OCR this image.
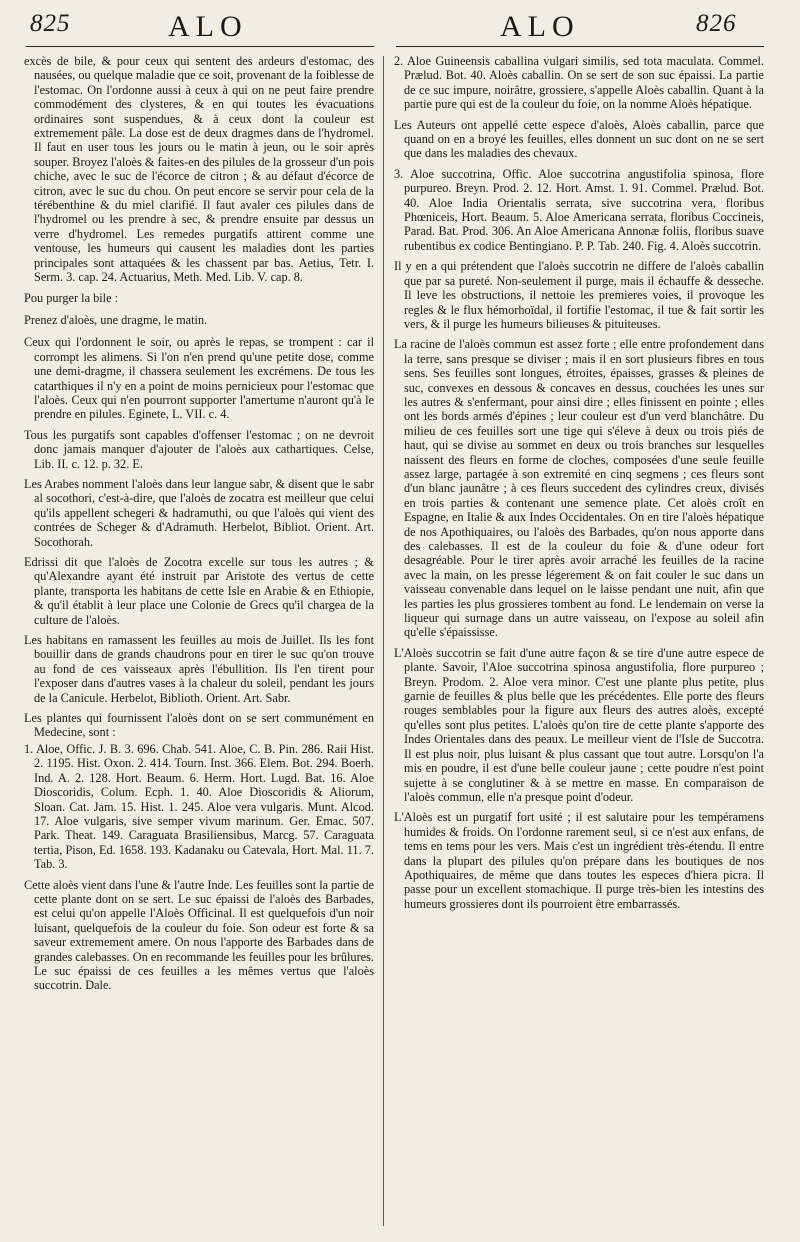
825	ALO	ALO	826

excès de bile, & pour ceux qui sentent des ardeurs d'estomac, des nausées, ou quelque maladie que ce soit, provenant de la foiblesse de l'estomac. On l'ordonne aussi à ceux à qui on ne peut faire prendre commodément des clysteres, & en qui toutes les évacuations ordinaires sont suspendues, & à ceux dont la couleur est extremement pâle. La dose est de deux dragmes dans de l'hydromel. Il faut en user tous les jours ou le matin à jeun, ou le soir après souper. Broyez l'aloès & faites-en des pilules de la grosseur d'un pois chiche, avec le suc de l'écorce de citron ; & au défaut d'écorce de citron, avec le suc du chou. On peut encore se servir pour cela de la térébenthine & du miel clarifié. Il faut avaler ces pilules dans de l'hydromel ou les prendre à sec, & prendre ensuite par dessus un verre d'hydromel. Les remedes purgatifs attirent comme une ventouse, les humeurs qui causent les maladies dont les parties principales sont attaquées & les chassent par bas. Aetius, Tetr. I. Serm. 3. cap. 24. Actuarius, Meth. Med. Lib. V. cap. 8.

Pou purger la bile :

Prenez d'aloès, une dragme, le matin.

Ceux qui l'ordonnent le soir, ou après le repas, se trompent : car il corrompt les alimens. Si l'on n'en prend qu'une petite dose, comme une demi-dragme, il chassera seulement les excrémens. De tous les catarthiques il n'y en a point de moins pernicieux pour l'estomac que l'aloès. Ceux qui n'en pourront supporter l'amertume n'auront qu'à le prendre en pilules. Eginete, L. VII. c. 4.

Tous les purgatifs sont capables d'offenser l'estomac ; on ne devroit donc jamais manquer d'ajouter de l'aloès aux cathartiques. Celse, Lib. II. c. 12. p. 32. E.

Les Arabes nomment l'aloès dans leur langue sabr, & disent que le sabr al socothori, c'est-à-dire, que l'aloès de zocatra est meilleur que celui qu'ils appellent schegeri & hadramuthi, ou que l'aloès qui vient des contrées de Scheger & d'Adramuth. Herbelot, Bibliot. Orient. Art. Socothorah.

Edrissi dit que l'aloès de Zocotra excelle sur tous les autres ; & qu'Alexandre ayant été instruit par Aristote des vertus de cette plante, transporta les habitans de cette Isle en Arabie & en Ethiopie, & qu'il établit à leur place une Colonie de Grecs qu'il chargea de la culture de l'aloès.

Les habitans en ramassent les feuilles au mois de Juillet. Ils les font bouillir dans de grands chaudrons pour en tirer le suc qu'on trouve au fond de ces vaisseaux après l'ébullition. Ils l'en tirent pour l'exposer dans d'autres vases à la chaleur du soleil, pendant les jours de la Canicule. Herbelot, Biblioth. Orient. Art. Sabr.

Les plantes qui fournissent l'aloès dont on se sert communément en Medecine, sont :

1. Aloe, Offic. J. B. 3. 696. Chab. 541. Aloe, C. B. Pin. 286. Raii Hist. 2. 1195. Hist. Oxon. 2. 414. Tourn. Inst. 366. Elem. Bot. 294. Boerh. Ind. A. 2. 128. Hort. Beaum. 6. Herm. Hort. Lugd. Bat. 16. Aloe Dioscoridis, Colum. Ecph. 1. 40. Aloe Dioscoridis & Aliorum, Sloan. Cat. Jam. 15. Hist. 1. 245. Aloe vera vulgaris. Munt. Alcod. 17. Aloe vulgaris, sive semper vivum marinum. Ger. Emac. 507. Park. Theat. 149. Caraguata Brasiliensibus, Marcg. 57. Caraguata tertia, Pison, Ed. 1658. 193. Kadanaku ou Catevala, Hort. Mal. 11. 7. Tab. 3.

Cette aloès vient dans l'une & l'autre Inde. Les feuilles sont la partie de cette plante dont on se sert. Le suc épaissi de l'aloès des Barbades, est celui qu'on appelle l'Aloès Officinal. Il est quelquefois d'un noir luisant, quelquefois de la couleur du foie. Son odeur est forte & sa saveur extremement amere. On nous l'apporte des Barbades dans de grandes calebasses. On en recommande les feuilles pour les brûlures. Le suc épaissi de ces feuilles a les mêmes vertus que l'aloès succotrin. Dale.

2. Aloe Guineensis caballina vulgari similis, sed tota maculata. Commel. Prælud. Bot. 40. Aloès caballin. On se sert de son suc épaissi. La partie de ce suc impure, noirâtre, grossiere, s'appelle Aloès caballin. Quant à la partie pure qui est de la couleur du foie, on la nomme Aloès hépatique.

Les Auteurs ont appellé cette espece d'aloès, Aloès caballin, parce que quand on en a broyé les feuilles, elles donnent un suc dont on ne se sert que dans les maladies des chevaux.

3. Aloe succotrina, Offic. Aloe succotrina angustifolia spinosa, flore purpureo. Breyn. Prod. 2. 12. Hort. Amst. 1. 91. Commel. Prælud. Bot. 40. Aloe India Orientalis serrata, sive succotrina vera, floribus Phœniceis, Hort. Beaum. 5. Aloe Americana serrata, floribus Coccineis, Parad. Bat. Prod. 306. An Aloe Americana Annonæ foliis, floribus suave rubentibus ex codice Bentingiano. P. P. Tab. 240. Fig. 4. Aloès succotrin.

Il y en a qui prétendent que l'aloès succotrin ne differe de l'aloès caballin que par sa pureté. Non-seulement il purge, mais il échauffe & desseche. Il leve les obstructions, il nettoie les premieres voies, il provoque les regles & le flux hémorhoïdal, il fortifie l'estomac, il tue & fait sortir les vers, & il purge les humeurs bilieuses & pituiteuses.

La racine de l'aloès commun est assez forte ; elle entre profondement dans la terre, sans presque se diviser ; mais il en sort plusieurs fibres en tous sens. Ses feuilles sont longues, étroites, épaisses, grasses & pleines de suc, convexes en dessous & concaves en dessus, couchées les unes sur les autres & s'enfermant, pour ainsi dire ; elles finissent en pointe ; elles ont les bords armés d'épines ; leur couleur est d'un verd blanchâtre. Du milieu de ces feuilles sort une tige qui s'éleve à deux ou trois piés de haut, qui se divise au sommet en deux ou trois branches sur lesquelles naissent des fleurs en forme de cloches, composées d'une seule feuille assez large, partagée à son extremité en cinq segmens ; ces fleurs sont d'un blanc jaunâtre ; à ces fleurs succedent des cylindres creux, divisés en trois parties & contenant une semence plate. Cet aloès croît en Espagne, en Italie & aux Indes Occidentales. On en tire l'aloès hépatique de nos Apothiquaires, ou l'aloès des Barbades, qu'on nous apporte dans des calebasses. Il est de la couleur du foie & d'une odeur fort desagréable. Pour le tirer après avoir arraché les feuilles de la racine avec la main, on les presse légerement & on fait couler le suc dans un vaisseau convenable dans lequel on le laisse pendant une nuit, afin que les parties les plus grossieres tombent au fond. Le lendemain on verse la liqueur qui surnage dans un autre vaisseau, on l'expose au soleil afin qu'elle s'épaississe.

L'Aloès succotrin se fait d'une autre façon & se tire d'une autre espece de plante. Savoir, l'Aloe succotrina spinosa angustifolia, flore purpureo ; Breyn. Prodom. 2. Aloe vera minor. C'est une plante plus petite, plus garnie de feuilles & plus belle que les précédentes. Elle porte des fleurs rouges semblables pour la figure aux fleurs des autres aloès, excepté qu'elles sont plus petites. L'aloès qu'on tire de cette plante s'apporte des Indes Orientales dans des peaux. Le meilleur vient de l'Isle de Succotra. Il est plus noir, plus luisant & plus cassant que tout autre. Lorsqu'on l'a mis en poudre, il est d'une belle couleur jaune ; cette poudre n'est point sujette à se conglutiner & à se mettre en masse. En comparaison de l'aloès commun, elle n'a presque point d'odeur.

L'Aloès est un purgatif fort usité ; il est salutaire pour les tempéramens humides & froids. On l'ordonne rarement seul, si ce n'est aux enfans, de tems en tems pour les vers. Mais c'est un ingrédient très-étendu. Il entre dans la plupart des pilules qu'on prépare dans les boutiques de nos Apothiquaires, de même que dans toutes les especes d'hiera picra. Il passe pour un excellent stomachique. Il purge très-bien les intestins des humeurs grossieres dont ils pourroient être embarrassés.
